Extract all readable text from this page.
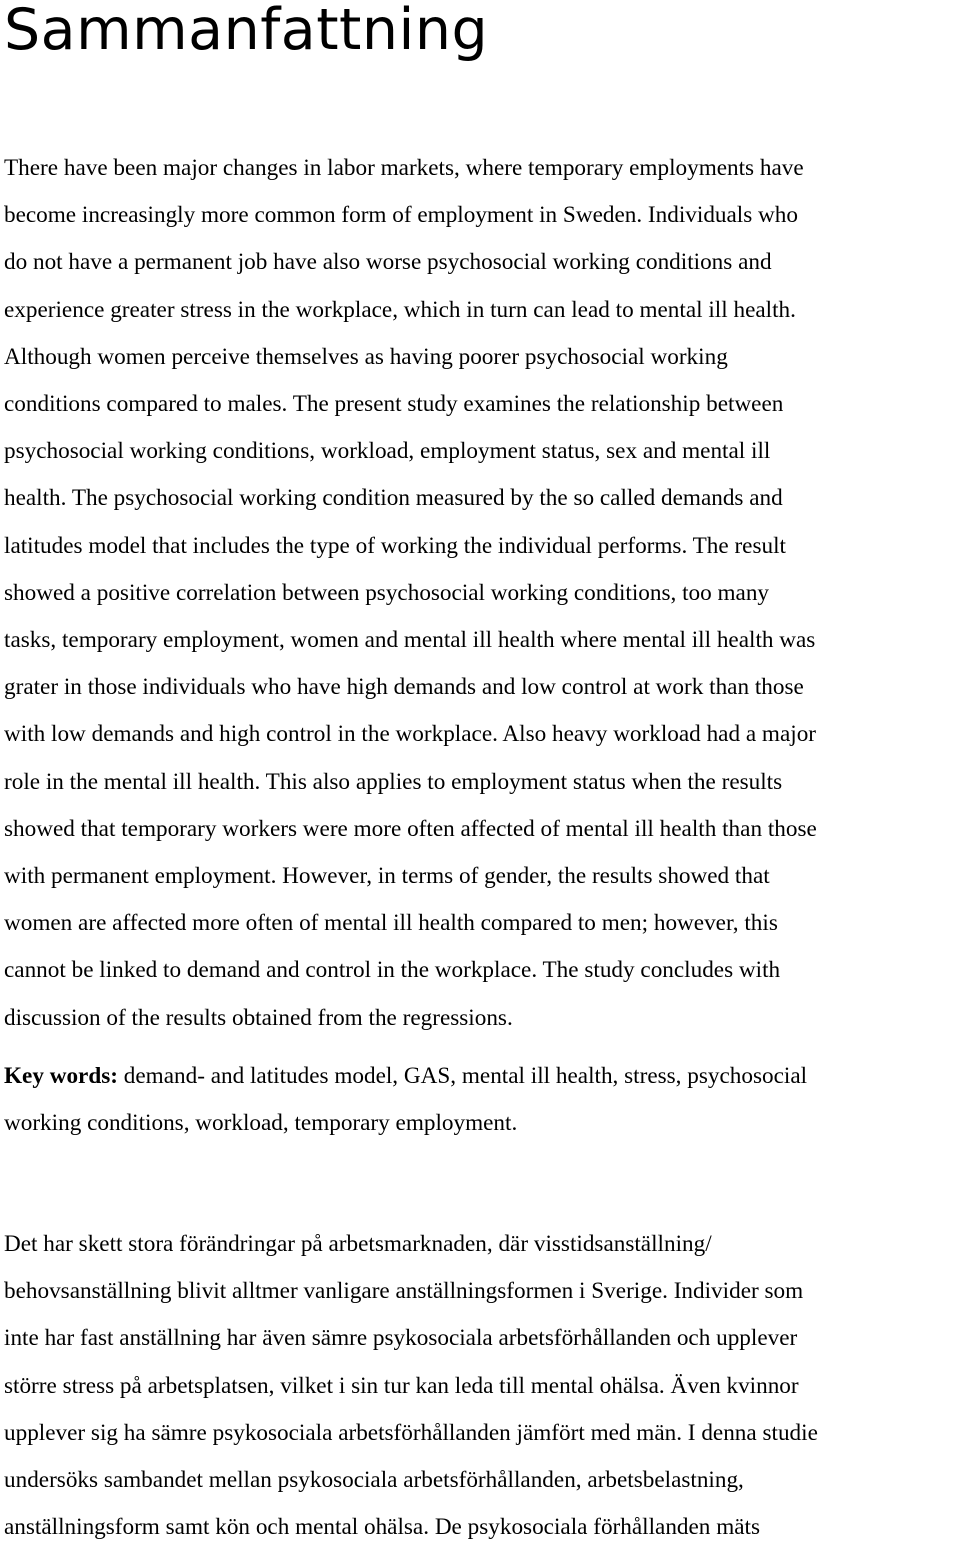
Sammanfattning
There have been major changes in labor markets, where temporary employments have
become increasingly more common form of employment in Sweden. Individuals who
do not have a permanent job have also worse psychosocial working conditions and
experience greater stress in the workplace, which in turn can lead to mental ill health.
Although women perceive themselves as having poorer psychosocial working
conditions compared to males. The present study examines the relationship between
psychosocial working conditions, workload, employment status, sex and mental ill
health. The psychosocial working condition measured by the so called demands and
latitudes model that includes the type of working the individual performs. The result
showed a positive correlation between psychosocial working conditions, too many
tasks, temporary employment, women and mental ill health where mental ill health was
grater in those individuals who have high demands and low control at work than those
with low demands and high control in the workplace. Also heavy workload had a major
role in the mental ill health. This also applies to employment status when the results
showed that temporary workers were more often affected of mental ill health than those
with permanent employment. However, in terms of gender, the results showed that
women are affected more often of mental ill health compared to men; however, this
cannot be linked to demand and control in the workplace. The study concludes with
discussion of the results obtained from the regressions.
Key words: demand- and latitudes model, GAS, mental ill health, stress, psychosocial
working conditions, workload, temporary employment.
Det har skett stora förändringar på arbetsmarknaden, där visstidsanställning/
behovsanställning blivit alltmer vanligare anställningsformen i Sverige. Individer som
inte har fast anställning har även sämre psykosociala arbetsförhållanden och upplever
större stress på arbetsplatsen, vilket i sin tur kan leda till mental ohälsa. Även kvinnor
upplever sig ha sämre psykosociala arbetsförhållanden jämfört med män. I denna studie
undersöks sambandet mellan psykosociala arbetsförhållanden, arbetsbelastning,
anställningsform samt kön och mental ohälsa. De psykosociala förhållanden mäts
